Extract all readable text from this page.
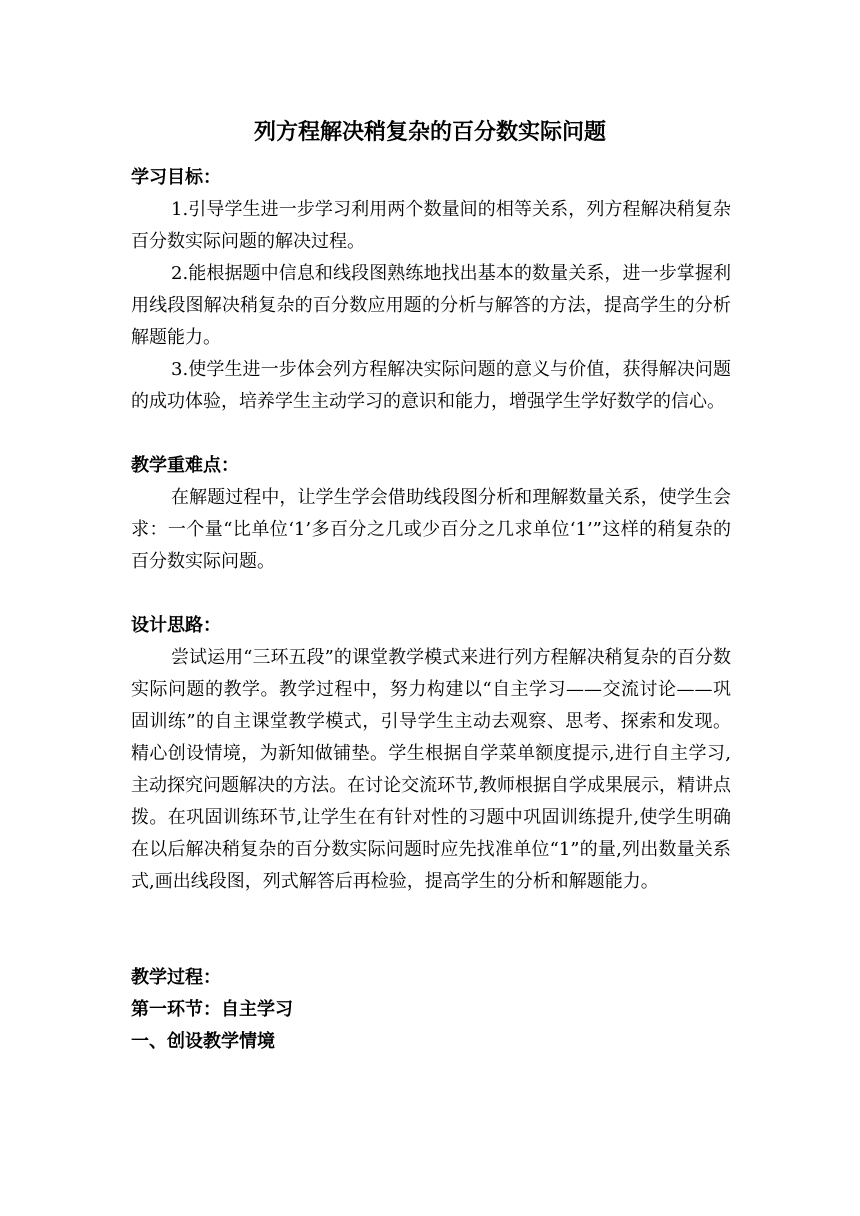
列方程解决稍复杂的百分数实际问题
学习目标：

1.引导学生进一步学习利用两个数量间的相等关系，列方程解决稍复杂百分数实际问题的解决过程。

2.能根据题中信息和线段图熟练地找出基本的数量关系，进一步掌握利用线段图解决稍复杂的百分数应用题的分析与解答的方法，提高学生的分析解题能力。

3.使学生进一步体会列方程解决实际问题的意义与价值，获得解决问题的成功体验，培养学生主动学习的意识和能力，增强学生学好数学的信心。

教学重难点：

在解题过程中，让学生学会借助线段图分析和理解数量关系，使学生会求：一个量“比单位‘1’多百分之几或少百分之几求单位‘1’”这样的稍复杂的百分数实际问题。

设计思路：

尝试运用“三环五段”的课堂教学模式来进行列方程解决稍复杂的百分数实际问题的教学。教学过程中，努力构建以“自主学习——交流讨论——巩固训练”的自主课堂教学模式，引导学生主动去观察、思考、探索和发现。精心创设情境，为新知做铺垫。学生根据自学菜单额度提示,进行自主学习,主动探究问题解决的方法。在讨论交流环节,教师根据自学成果展示，精讲点拨。在巩固训练环节,让学生在有针对性的习题中巩固训练提升,使学生明确在以后解决稍复杂的百分数实际问题时应先找准单位“1”的量,列出数量关系式,画出线段图，列式解答后再检验，提高学生的分析和解题能力。

教学过程：
第一环节：自主学习
一、创设教学情境
